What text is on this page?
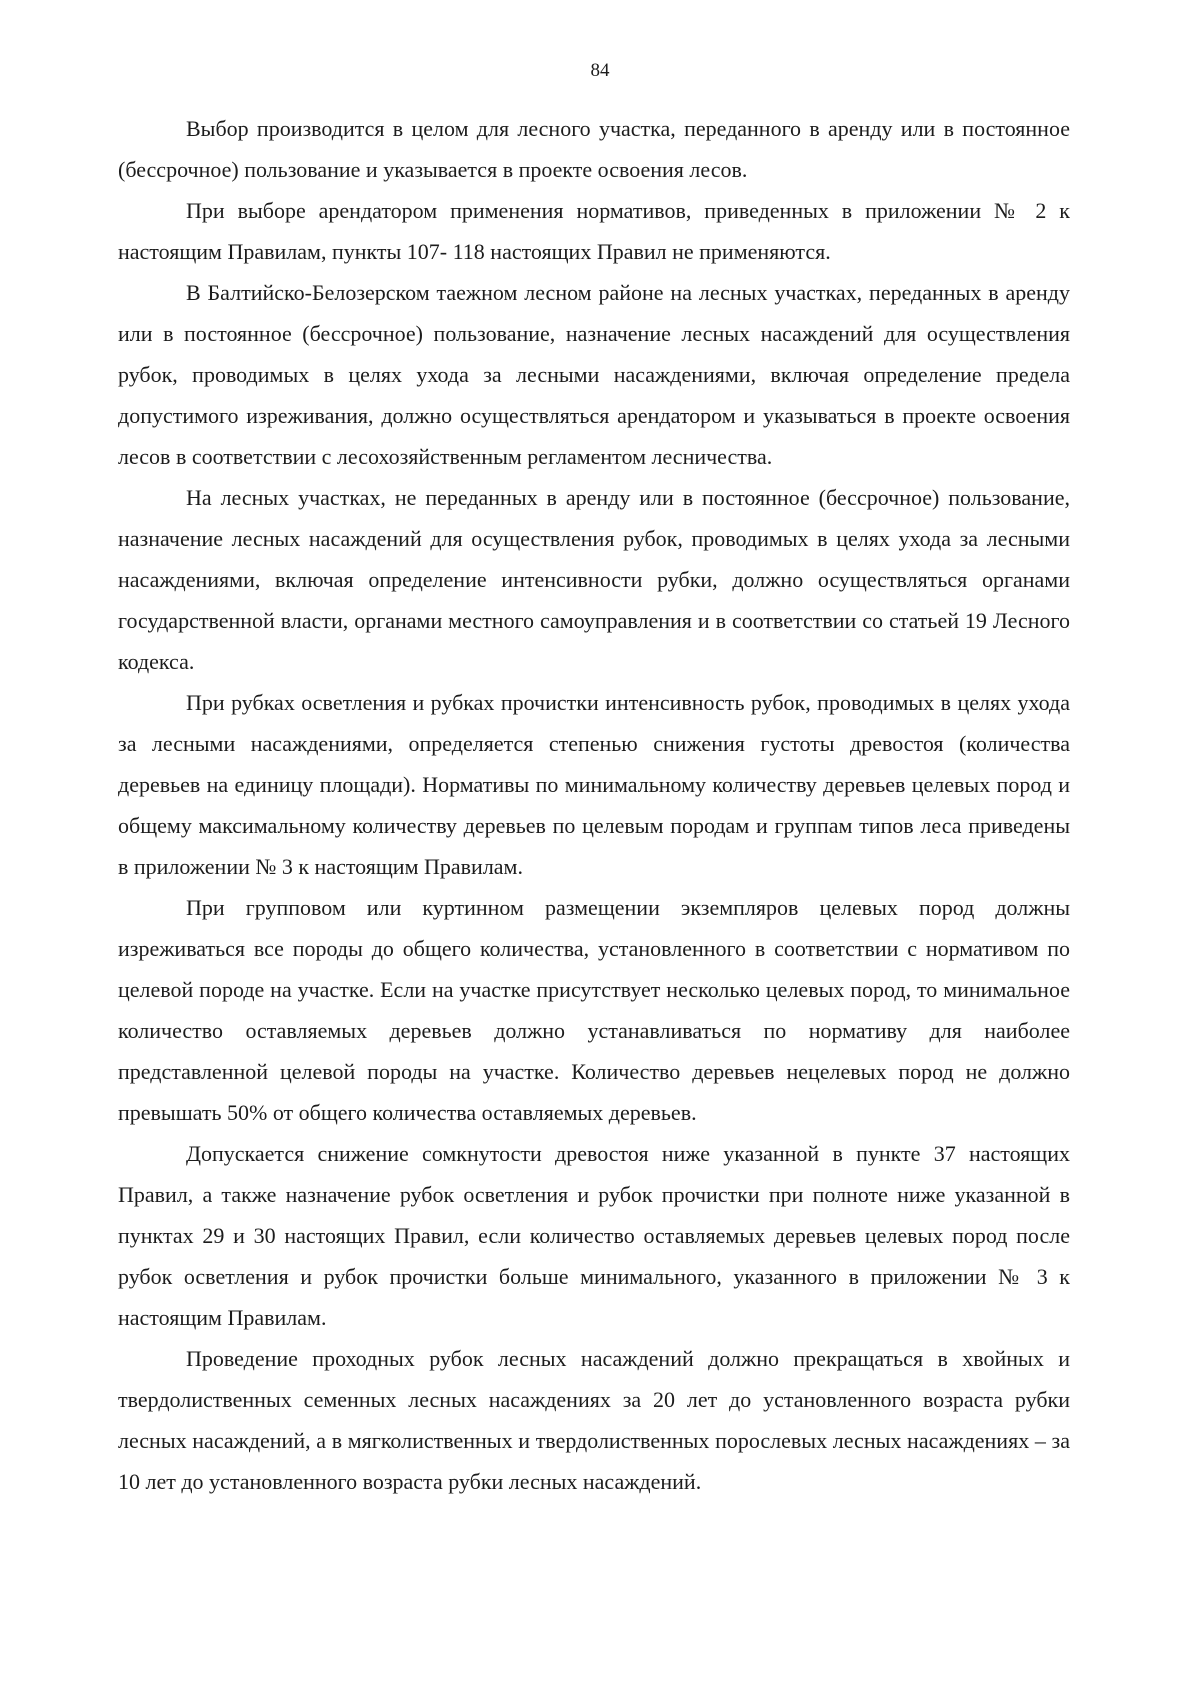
84

Выбор производится в целом для лесного участка, переданного в аренду или в постоянное (бессрочное) пользование и указывается в проекте освоения лесов.

При выборе арендатором применения нормативов, приведенных в приложении № 2 к настоящим Правилам, пункты 107- 118 настоящих Правил не применяются.

В Балтийско-Белозерском таежном лесном районе на лесных участках, переданных в аренду или в постоянное (бессрочное) пользование, назначение лесных насаждений для осуществления рубок, проводимых в целях ухода за лесными насаждениями, включая определение предела допустимого изреживания, должно осуществляться арендатором и указываться в проекте освоения лесов в соответствии с лесохозяйственным регламентом лесничества.

На лесных участках, не переданных в аренду или в постоянное (бессрочное) пользование, назначение лесных насаждений для осуществления рубок, проводимых в целях ухода за лесными насаждениями, включая определение интенсивности рубки, должно осуществляться органами государственной власти, органами местного самоуправления и в соответствии со статьей 19 Лесного кодекса.

При рубках осветления и рубках прочистки интенсивность рубок, проводимых в целях ухода за лесными насаждениями, определяется степенью снижения густоты древостоя (количества деревьев на единицу площади). Нормативы по минимальному количеству деревьев целевых пород и общему максимальному количеству деревьев по целевым породам и группам типов леса приведены в приложении № 3 к настоящим Правилам.

При групповом или куртинном размещении экземпляров целевых пород должны изреживаться все породы до общего количества, установленного в соответствии с нормативом по целевой породе на участке. Если на участке присутствует несколько целевых пород, то минимальное количество оставляемых деревьев должно устанавливаться по нормативу для наиболее представленной целевой породы на участке. Количество деревьев нецелевых пород не должно превышать 50% от общего количества оставляемых деревьев.

Допускается снижение сомкнутости древостоя ниже указанной в пункте 37 настоящих Правил, а также назначение рубок осветления и рубок прочистки при полноте ниже указанной в пунктах 29 и 30 настоящих Правил, если количество оставляемых деревьев целевых пород после рубок осветления и рубок прочистки больше минимального, указанного в приложении № 3 к настоящим Правилам.

Проведение проходных рубок лесных насаждений должно прекращаться в хвойных и твердолиственных семенных лесных насаждениях за 20 лет до установленного возраста рубки лесных насаждений, а в мягколиственных и твердолиственных порослевых лесных насаждениях – за 10 лет до установленного возраста рубки лесных насаждений.
